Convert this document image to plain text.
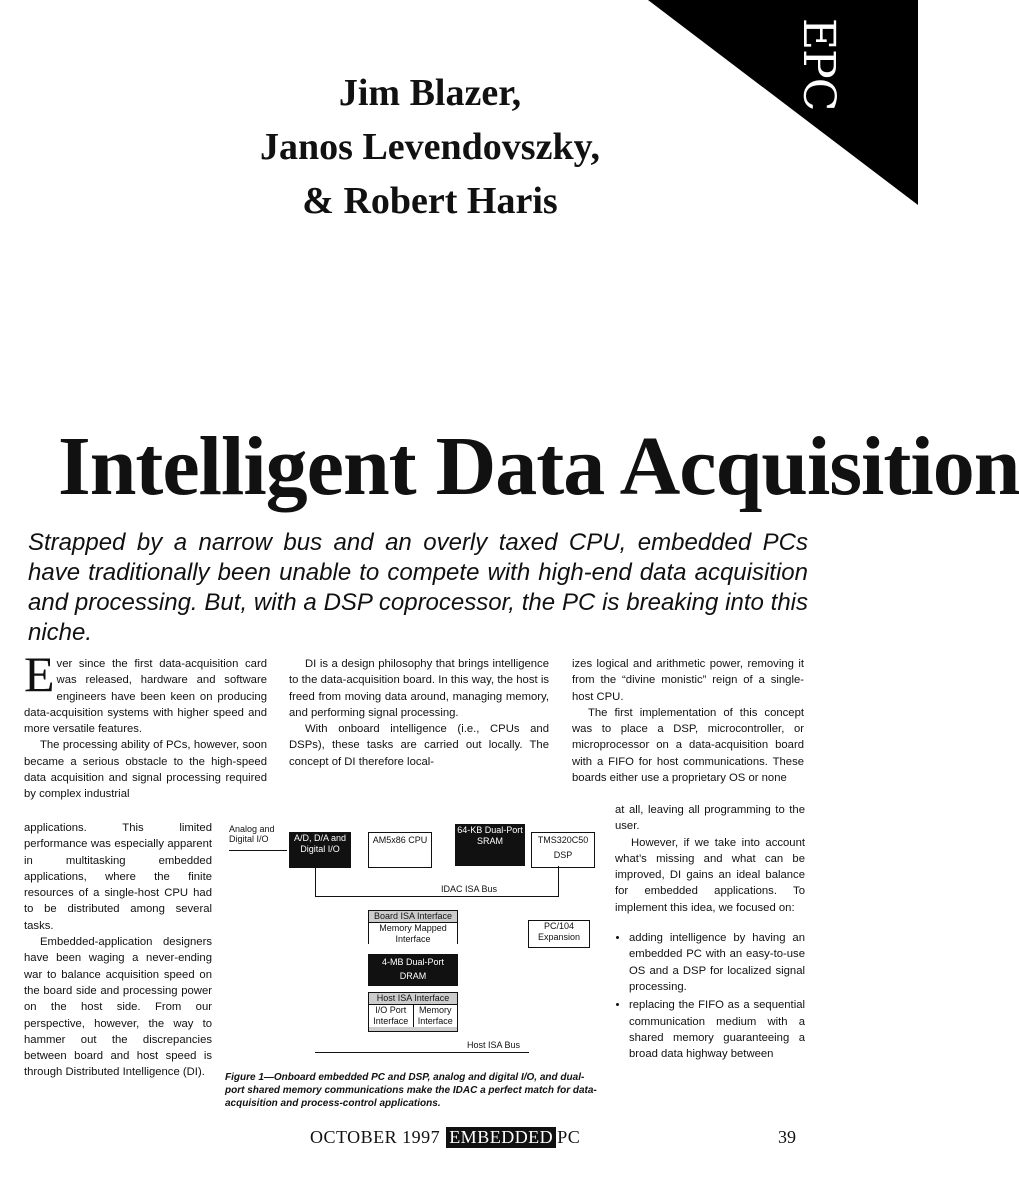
EPC
Jim Blazer,
Janos Levendovszky,
& Robert Haris
Intelligent Data Acquisition
Strapped by a narrow bus and an overly taxed CPU, embedded PCs have traditionally been unable to compete with high-end data acquisition and processing. But, with a DSP coprocessor, the PC is breaking into this niche.

Ever since the first data-acquisition card was released, hardware and software engineers have been keen on producing data-acquisition systems with higher speed and more versatile features.

The processing ability of PCs, however, soon became a serious obstacle to the high-speed data acquisition and signal processing required by complex industrial

applications. This limited performance was especially apparent in multitasking embedded applications, where the finite resources of a single-host CPU had to be distributed among several tasks.

Embedded-application designers have been waging a never-ending war to balance acquisition speed on the board side and processing power on the host side. From our perspective, however, the way to hammer out the discrepancies between board and host speed is through Distributed Intelligence (DI).

DI is a design philosophy that brings intelligence to the data-acquisition board. In this way, the host is freed from moving data around, managing memory, and performing signal processing.

With onboard intelligence (i.e., CPUs and DSPs), these tasks are carried out locally. The concept of DI therefore local-

izes logical and arithmetic power, removing it from the “divine monistic” reign of a single-host CPU.

The first implementation of this concept was to place a DSP, microcontroller, or microprocessor on a data-acquisition board with a FIFO for host communications. These boards either use a proprietary OS or none

at all, leaving all programming to the user.

However, if we take into account what’s missing and what can be improved, DI gains an ideal balance for embedded applications. To implement this idea, we focused on:

• adding intelligence by having an embedded PC with an easy-to-use OS and a DSP for localized signal processing.
• replacing the FIFO as a sequential communication medium with a shared memory guaranteeing a broad data highway between
Analog and Digital I/O	A/D, D/A and Digital I/O
AM5x86 CPU
64-KB Dual-Port SRAM	TMS320C50 DSP
IDAC ISA Bus
Board ISA Interface
Memory Mapped Interface
PC/104 Expansion
4-MB Dual-Port DRAM
Host ISA Interface
I/O Port Interface
Memory Interface
Host ISA Bus
Figure 1—Onboard embedded PC and DSP, analog and digital I/O, and dual-port shared memory communications make the IDAC a perfect match for data-acquisition and process-control applications.
OCTOBER 1997 EMBEDDED PC	39
